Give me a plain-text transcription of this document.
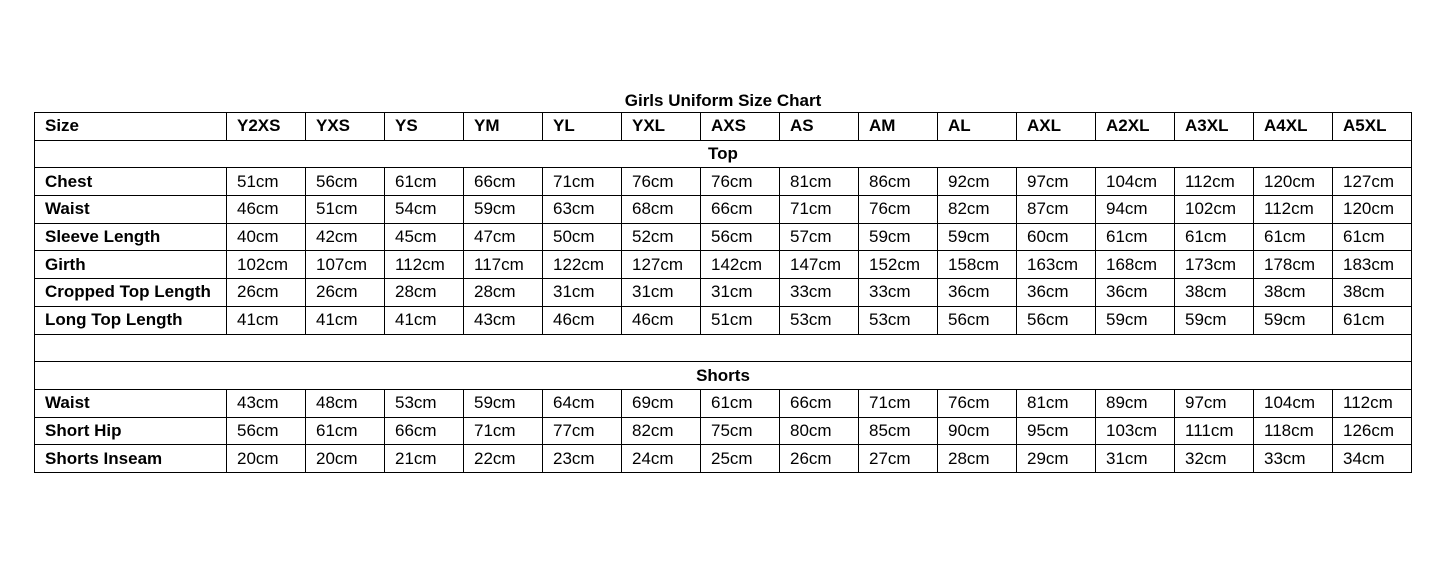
Girls Uniform Size Chart
Size	Y2XS	YXS	YS	YM	YL	YXL	AXS	AS	AM	AL	AXL	A2XL	A3XL	A4XL	A5XL
Top															
Chest	51cm	56cm	61cm	66cm	71cm	76cm	76cm	81cm	86cm	92cm	97cm	104cm	112cm	120cm	127cm
Waist	46cm	51cm	54cm	59cm	63cm	68cm	66cm	71cm	76cm	82cm	87cm	94cm	102cm	112cm	120cm
Sleeve Length	40cm	42cm	45cm	47cm	50cm	52cm	56cm	57cm	59cm	59cm	60cm	61cm	61cm	61cm	61cm
Girth	102cm	107cm	112cm	117cm	122cm	127cm	142cm	147cm	152cm	158cm	163cm	168cm	173cm	178cm	183cm
Cropped Top Length	26cm	26cm	28cm	28cm	31cm	31cm	31cm	33cm	33cm	36cm	36cm	36cm	38cm	38cm	38cm
Long Top Length	41cm	41cm	41cm	43cm	46cm	46cm	51cm	53cm	53cm	56cm	56cm	59cm	59cm	59cm	61cm

Shorts															
Waist	43cm	48cm	53cm	59cm	64cm	69cm	61cm	66cm	71cm	76cm	81cm	89cm	97cm	104cm	112cm
Short Hip	56cm	61cm	66cm	71cm	77cm	82cm	75cm	80cm	85cm	90cm	95cm	103cm	111cm	118cm	126cm
Shorts Inseam	20cm	20cm	21cm	22cm	23cm	24cm	25cm	26cm	27cm	28cm	29cm	31cm	32cm	33cm	34cm
